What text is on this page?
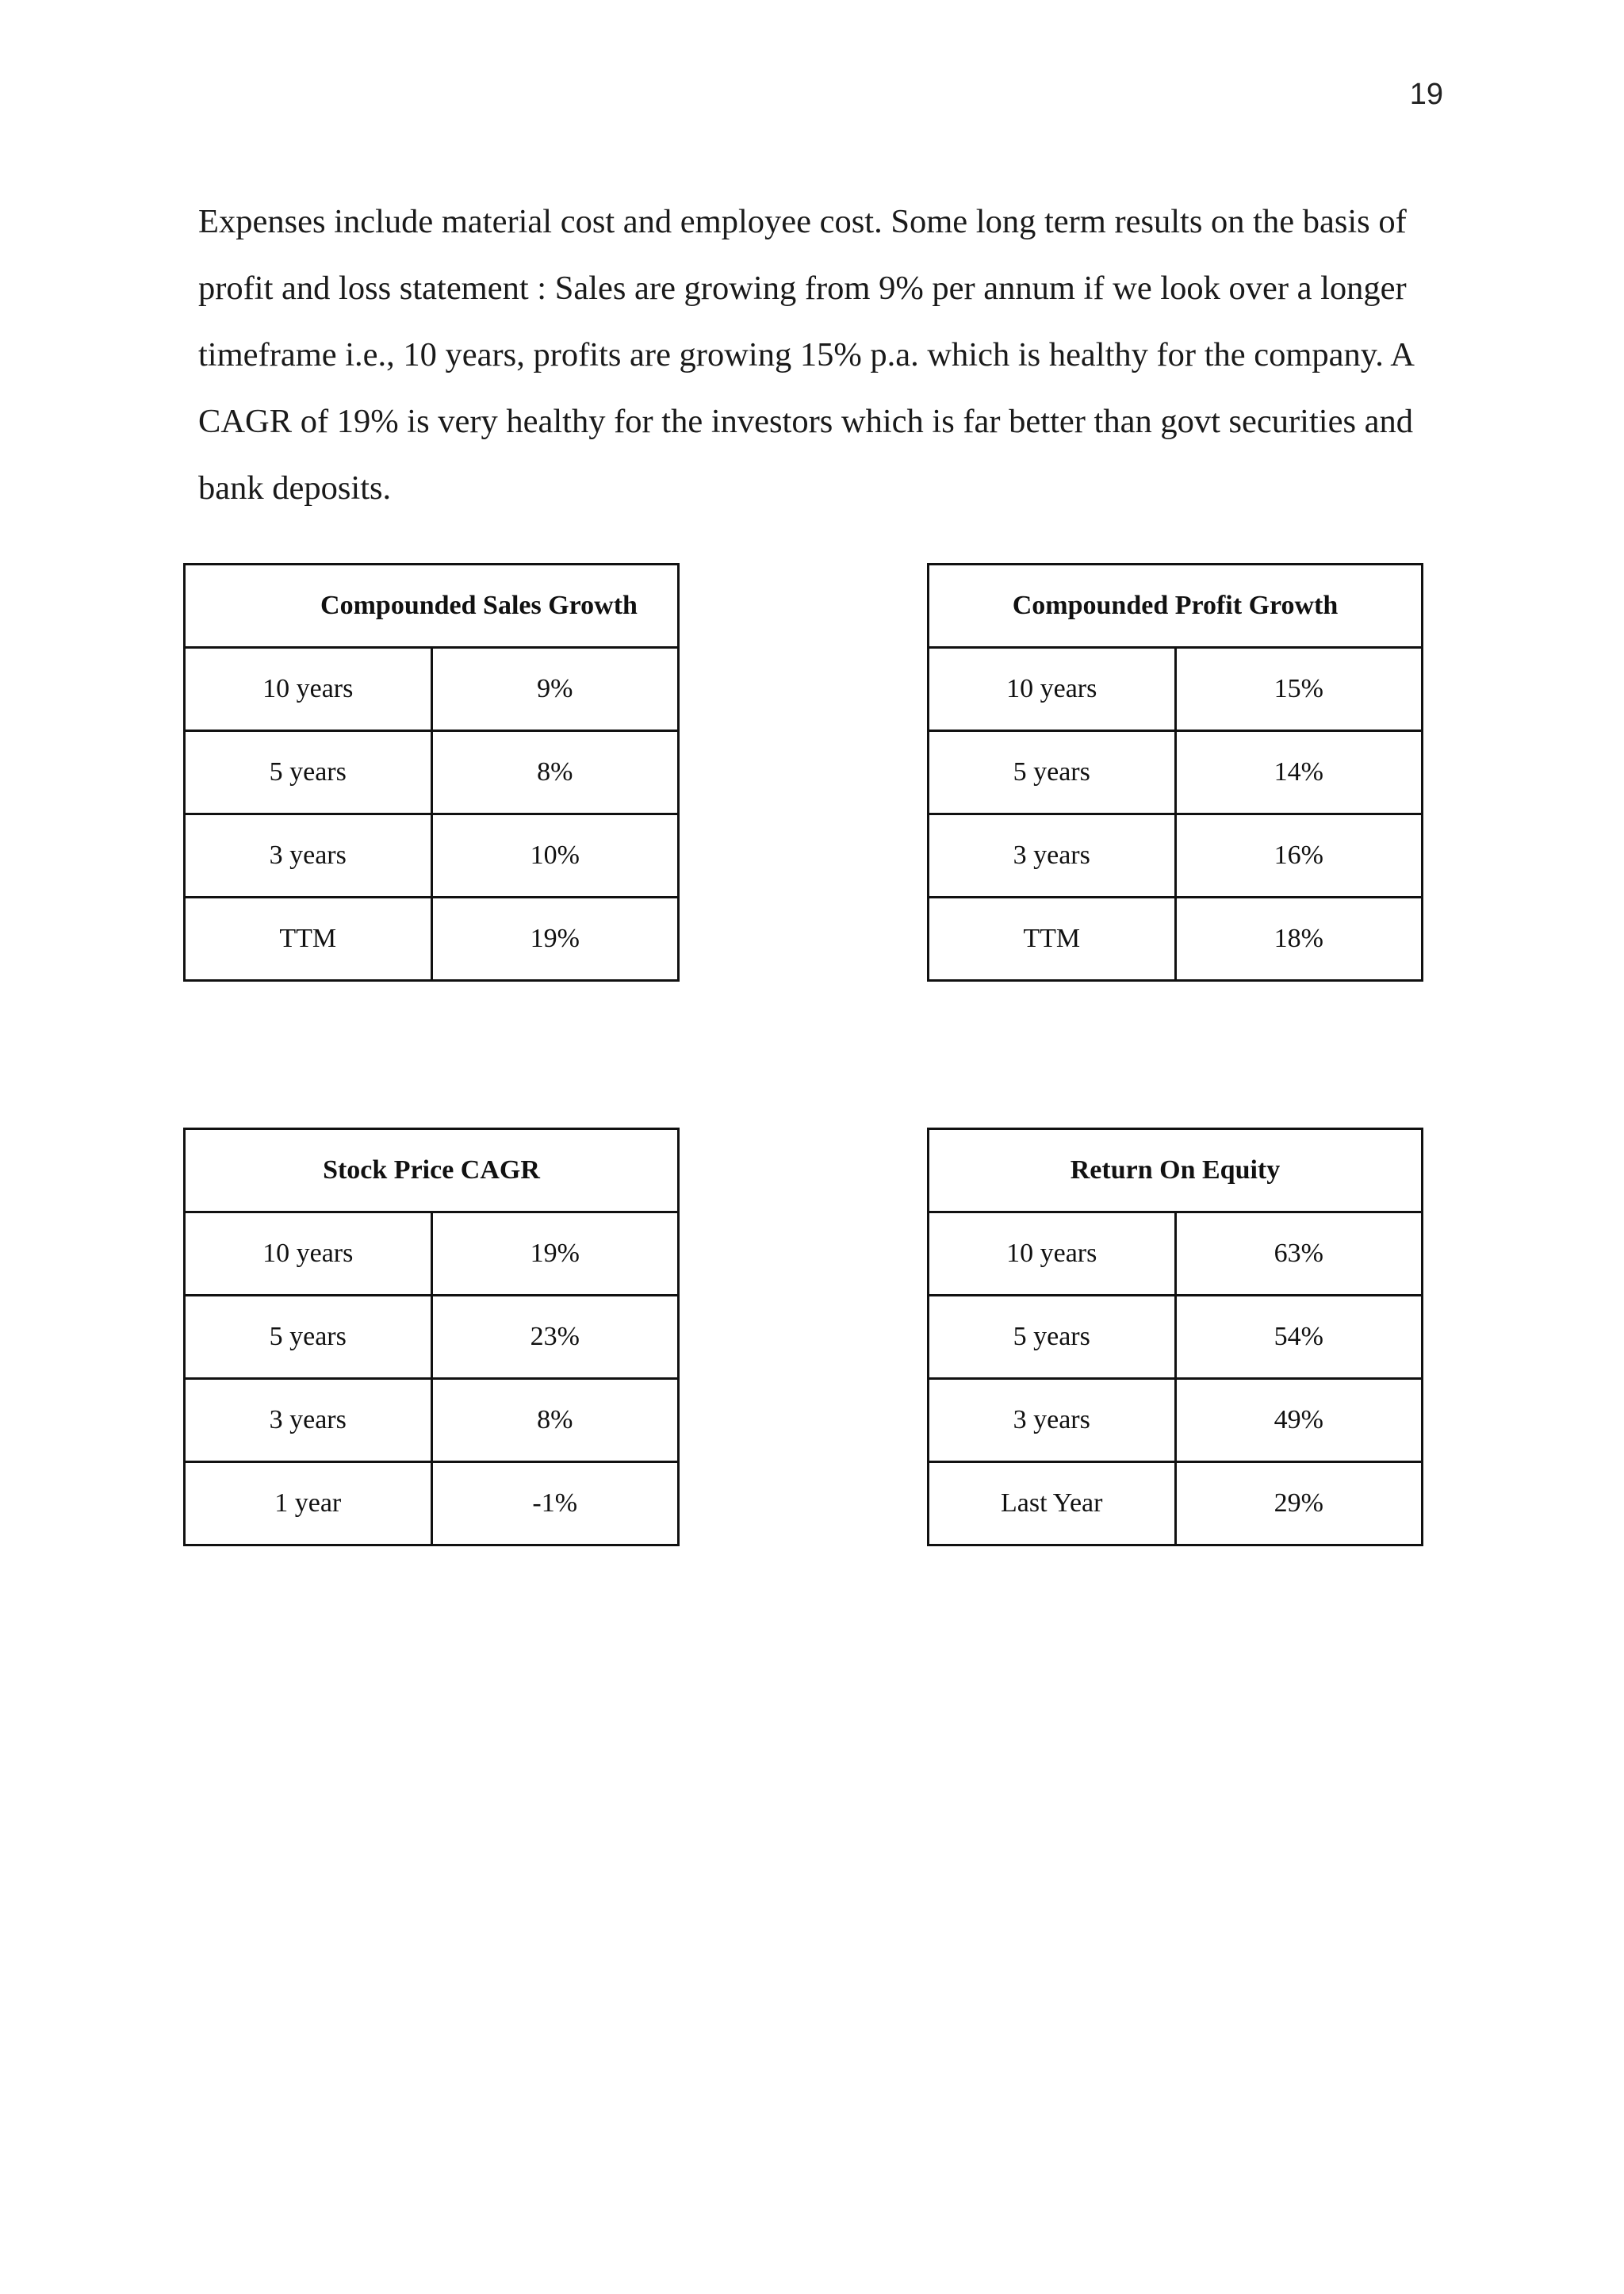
19

Expenses include material cost and employee cost. Some long term results on the basis of
profit and loss statement : Sales are growing from 9% per annum if we look over a longer
timeframe i.e., 10 years, profits are growing 15% p.a. which is healthy for the company. A
CAGR of 19% is very healthy for the investors which is far better than govt securities and
bank deposits.

Compounded Sales Growth	
10 years	9%
5 years	8%
3 years	10%
TTM	19%
Compounded Profit Growth	
10 years	15%
5 years	14%
3 years	16%
TTM	18%
Stock Price CAGR	
10 years	19%
5 years	23%
3 years	8%
1 year	-1%
Return On Equity	
10 years	63%
5 years	54%
3 years	49%
Last Year	29%
